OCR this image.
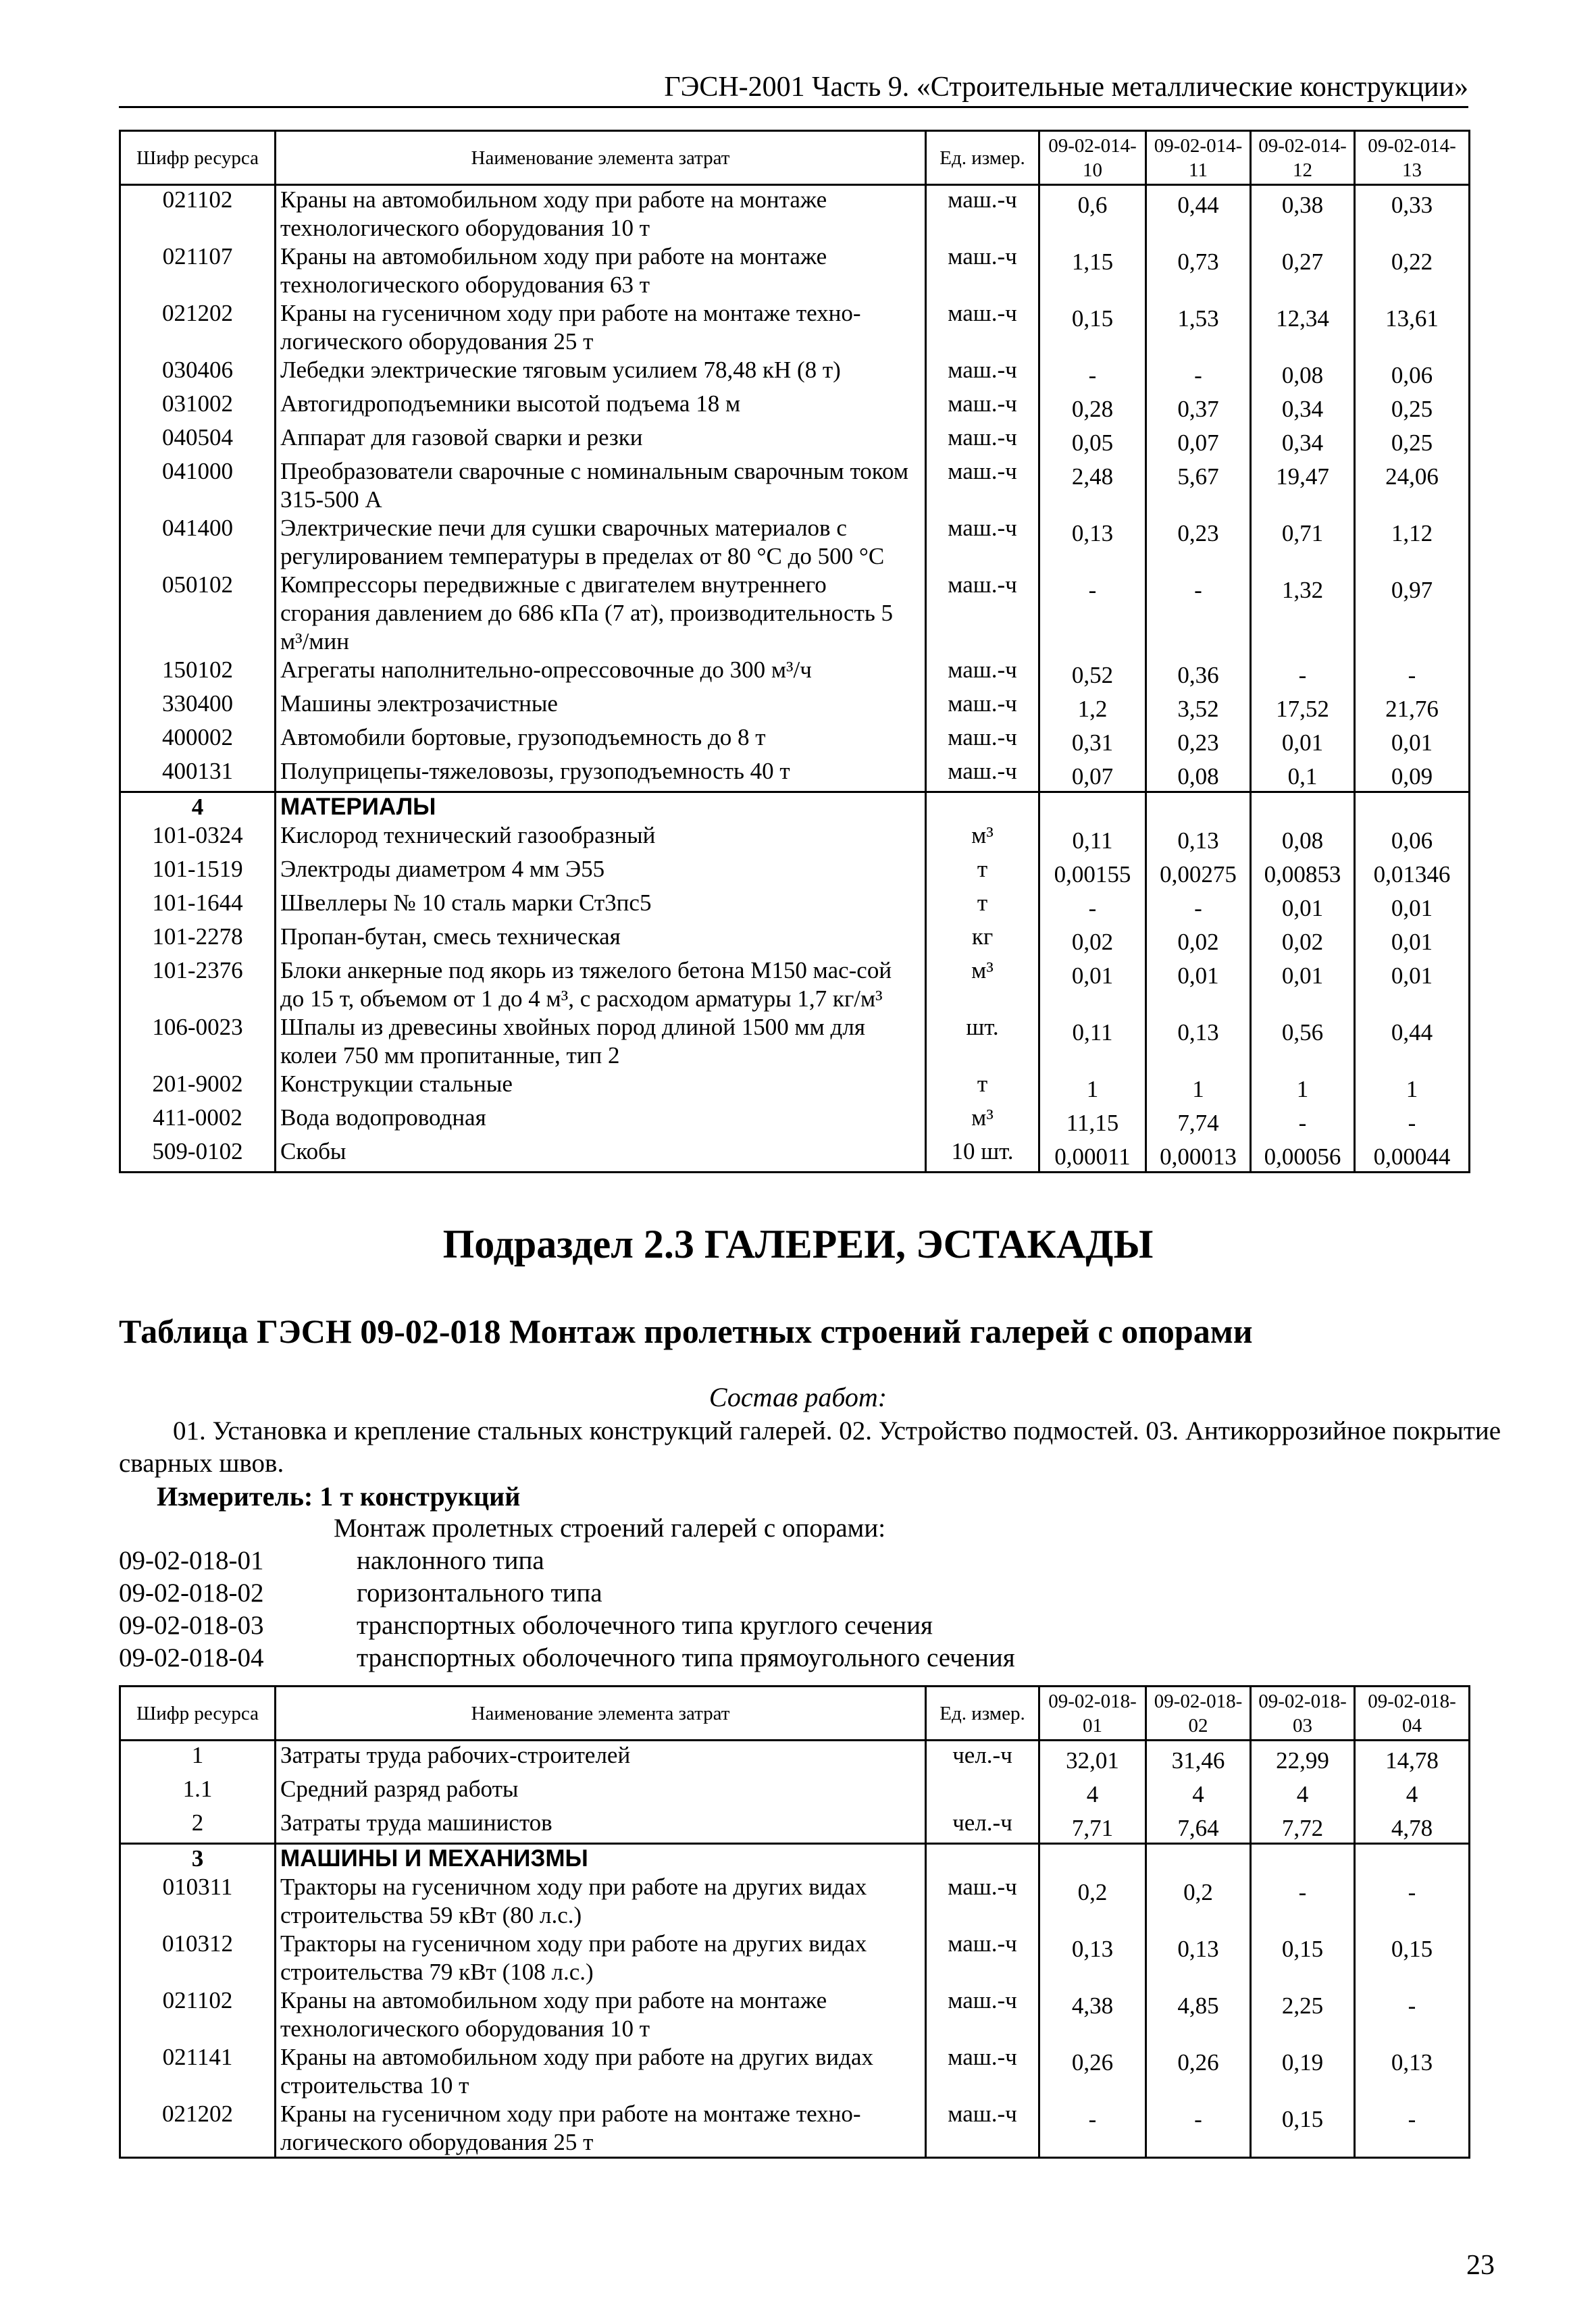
ГЭСН-2001 Часть 9. «Строительные металлические конструкции»
Шифр ресурса	Наименование элемента затрат	Ед. измер.	09-02-014-10	09-02-014-11	09-02-014-12	09-02-014-13
021102	Краны на автомобильном ходу при работе на монтаже технологического оборудования 10 т	маш.-ч	0,6	0,44	0,38	0,33
021107	Краны на автомобильном ходу при работе на монтаже технологического оборудования 63 т	маш.-ч	1,15	0,73	0,27	0,22
021202	Краны на гусеничном ходу при работе на монтаже техно-логического оборудования 25 т	маш.-ч	0,15	1,53	12,34	13,61
030406	Лебедки электрические тяговым усилием 78,48 кН (8 т)	маш.-ч	-	-	0,08	0,06
031002	Автогидроподъемники высотой подъема 18 м	маш.-ч	0,28	0,37	0,34	0,25
040504	Аппарат для газовой сварки и резки	маш.-ч	0,05	0,07	0,34	0,25
041000	Преобразователи сварочные с номинальным сварочным током 315-500 А	маш.-ч	2,48	5,67	19,47	24,06
041400	Электрические печи для сушки сварочных материалов с регулированием температуры в пределах от 80 °С до 500 °С	маш.-ч	0,13	0,23	0,71	1,12
050102	Компрессоры передвижные с двигателем внутреннего сгорания давлением до 686 кПа (7 ат), производительность 5 м³/мин	маш.-ч	-	-	1,32	0,97
150102	Агрегаты наполнительно-опрессовочные до 300 м³/ч	маш.-ч	0,52	0,36	-	-
330400	Машины электрозачистные	маш.-ч	1,2	3,52	17,52	21,76
400002	Автомобили бортовые, грузоподъемность до 8 т	маш.-ч	0,31	0,23	0,01	0,01
400131	Полуприцепы-тяжеловозы, грузоподъемность 40 т	маш.-ч	0,07	0,08	0,1	0,09
4	МАТЕРИАЛЫ					
101-0324	Кислород технический газообразный	м³	0,11	0,13	0,08	0,06
101-1519	Электроды диаметром 4 мм Э55	т	0,00155	0,00275	0,00853	0,01346
101-1644	Швеллеры № 10 сталь марки Ст3пс5	т	-	-	0,01	0,01
101-2278	Пропан-бутан, смесь техническая	кг	0,02	0,02	0,02	0,01
101-2376	Блоки анкерные под якорь из тяжелого бетона М150 мас-сой до 15 т, объемом от 1 до 4 м³, с расходом арматуры 1,7 кг/м³	м³	0,01	0,01	0,01	0,01
106-0023	Шпалы из древесины хвойных пород длиной 1500 мм для колеи 750 мм пропитанные, тип 2	шт.	0,11	0,13	0,56	0,44
201-9002	Конструкции стальные	т	1	1	1	1
411-0002	Вода водопроводная	м³	11,15	7,74	-	-
509-0102	Скобы	10 шт.	0,00011	0,00013	0,00056	0,00044
Подраздел 2.3 ГАЛЕРЕИ, ЭСТАКАДЫ
Таблица ГЭСН 09-02-018 Монтаж пролетных строений галерей с опорами
Состав работ:
01. Установка и крепление стальных конструкций галерей. 02. Устройство подмостей. 03. Антикоррозийное покрытие сварных швов.
Измеритель: 1 т конструкций
Монтаж пролетных строений галерей с опорами:
09-02-018-01	наклонного типа
09-02-018-02	горизонтального типа
09-02-018-03	транспортных оболочечного типа круглого сечения
09-02-018-04	транспортных оболочечного типа прямоугольного сечения
Шифр ресурса	Наименование элемента затрат	Ед. измер.	09-02-018-01	09-02-018-02	09-02-018-03	09-02-018-04
1	Затраты труда рабочих-строителей	чел.-ч	32,01	31,46	22,99	14,78
1.1	Средний разряд работы		4	4	4	4
2	Затраты труда машинистов	чел.-ч	7,71	7,64	7,72	4,78
3	МАШИНЫ И МЕХАНИЗМЫ					
010311	Тракторы на гусеничном ходу при работе на других видах строительства 59 кВт (80 л.с.)	маш.-ч	0,2	0,2	-	-
010312	Тракторы на гусеничном ходу при работе на других видах строительства 79 кВт (108 л.с.)	маш.-ч	0,13	0,13	0,15	0,15
021102	Краны на автомобильном ходу при работе на монтаже технологического оборудования 10 т	маш.-ч	4,38	4,85	2,25	-
021141	Краны на автомобильном ходу при работе на других видах строительства 10 т	маш.-ч	0,26	0,26	0,19	0,13
021202	Краны на гусеничном ходу при работе на монтаже техно-логического оборудования 25 т	маш.-ч	-	-	0,15	-
23
